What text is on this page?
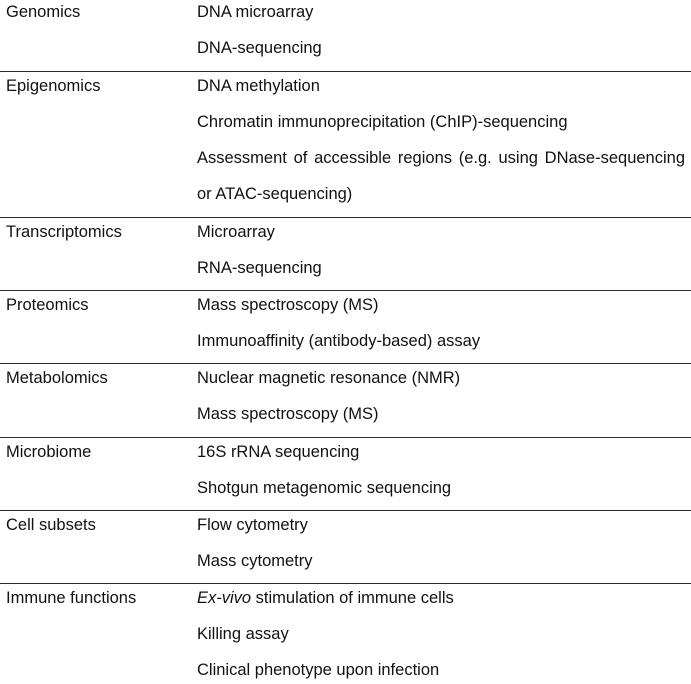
Genomics	DNA microarray
DNA-sequencing
Epigenomics	DNA methylation
Chromatin immunoprecipitation (ChIP)-sequencing
Assessment of accessible regions (e.g. using DNase-sequencing or ATAC-sequencing)
Transcriptomics	Microarray
RNA-sequencing
Proteomics	Mass spectroscopy (MS)
Immunoaffinity (antibody-based) assay
Metabolomics	Nuclear magnetic resonance (NMR)
Mass spectroscopy (MS)
Microbiome	16S rRNA sequencing
Shotgun metagenomic sequencing
Cell subsets	Flow cytometry
Mass cytometry
Immune functions	Ex-vivo stimulation of immune cells
Killing assay
Clinical phenotype upon infection
